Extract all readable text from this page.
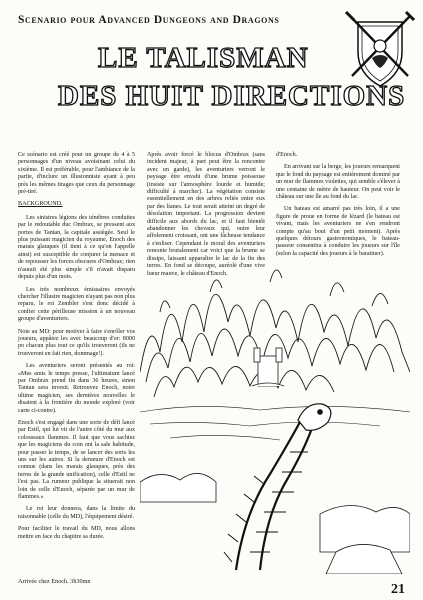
Scenario pour Advanced Dungeons and Dragons
LE TALISMAN
DES HUIT DIRECTIONS

Ce scénario est créé pour un groupe de 4 à 5 personnages d'un niveau avoisinant celui du sixième. Il est préférable, pour l'ambiance de la partie, d'inclure un illusionniste ayant à peu près les mêmes tirages que ceux du personnage pré-tiré.

BACKGROUND.

Les sinistres légions des ténèbres conduites par le redoutable duc Ombrax, se pressent aux portes de Tantan, la capitale assiégée. Seul le plus puissant magicien du royaume, Enoch des marais glauques (il tient à ce qu'on l'appelle ainsi) est susceptible de conjurer la menace et de repousser les forces obscures d'Ombrax; rien n'aurait été plus simple s'il n'avait disparu depuis plus d'un mois.

Les très nombreux émissaires envoyés chercher l'illustre magicien n'ayant pas non plus reparu, le roi Zembler s'est donc décidé à confier cette périlleuse mission à un nouveau groupe d'aventuriers.

Note au MD: pour motiver à faire s'enrôler vos joueurs, appâtez les avec beaucoup d'or: 8000 po chacun plus tout ce qu'ils trouveront (ils ne trouveront en fait rien, dommage!).

Les aventuriers seront présentés au roi: «Mes amis le temps presse, l'ultimatum lancé par Ombrax prend fin dans 36 heures, sinon Tantan sera investi. Retrouvez Enoch, notre ultime magicien, ses dernières nouvelles le disaient à la frontière du monde exploré (voir carte ci-contre).

Enoch s'est engagé dans une sorte de défi lancé par Estil, qui lui vit de l'autre côté du mur aux colosseaux flammes. Il faut que vous sachiez que les magiciens du coin ont la sale habitude, pour passer le temps, de se lancer des sorts les uns sur les autres. Si la demeure d'Enoch est connue (dans les marais glauques, près des terres de la grande unification), celle d'Estil ne l'est pas. La rumeur publique la situerait non loin de celle d'Enoch, séparée par un mur de flammes.»

Le roi leur donnera, dans la limite du raisonnable (celle du MD), l'équipement désiré.

Pour faciliter le travail du MD, nous allons mettre en face du chapitre sa durée.

Après avoir forcé le blocus d'Ombrax (sans incident majeur, à part peut être la rencontre avec un garde), les aventuriers verront le paysage être envahi d'une brume poisseuse (insiste sur l'atmosphère lourde et humide; difficulté à marcher). La végétation consiste essentiellement en des arbres reliés entre eux par des lianes. Le tout serait atteint un degré de désolation important. La progression devient difficile aux abords du lac, et il faut bientôt abandonner les chevaux qui, outre leur affolement croissant, ont une fâcheuse tendance à s'enliser. Cependant le moral des aventuriers remonte brutalement car voici que la brume se dissipe, laissant apparaître le lac de la fin des terres. En fond se découpe, auréolé d'une vive lueur mauve, le château d'Enoch.

d'Enoch.

En arrivant sur la berge, les joueurs remarquent que le fond du paysage est entièrement dominé par un mur de flammes violettes, qui semble s'élever à une centaine de mètre de hauteur. On peut voir le château sur une île au fond du lac.

Un bateau est amarré pas très loin, il a une figure de proue en forme de lézard (le bateau est vivant, mais les aventuriers ne s'en rendront compte qu'au bout d'un petit moment). Après quelques détours gastronomiques, le bateau-passeur consentira à conduire les joueurs sur l'île (selon la capacité des joueurs à le baratiner).

Arrivée chez Enoch. 3h30mn
21
